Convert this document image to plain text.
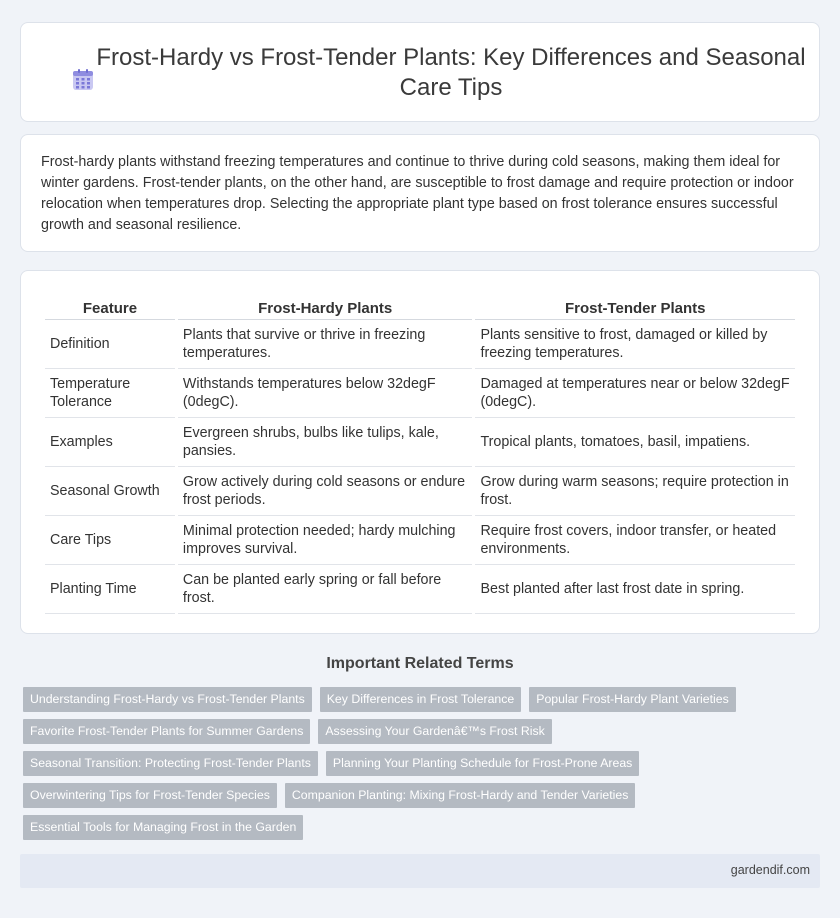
Frost-Hardy vs Frost-Tender Plants: Key Differences and Seasonal Care Tips

Frost-hardy plants withstand freezing temperatures and continue to thrive during cold seasons, making them ideal for winter gardens. Frost-tender plants, on the other hand, are susceptible to frost damage and require protection or indoor relocation when temperatures drop. Selecting the appropriate plant type based on frost tolerance ensures successful growth and seasonal resilience.

Feature	Frost-Hardy Plants	Frost-Tender Plants
Definition	Plants that survive or thrive in freezing temperatures.	Plants sensitive to frost, damaged or killed by freezing temperatures.
Temperature Tolerance	Withstands temperatures below 32degF (0degC).	Damaged at temperatures near or below 32degF (0degC).
Examples	Evergreen shrubs, bulbs like tulips, kale, pansies.	Tropical plants, tomatoes, basil, impatiens.
Seasonal Growth	Grow actively during cold seasons or endure frost periods.	Grow during warm seasons; require protection in frost.
Care Tips	Minimal protection needed; hardy mulching improves survival.	Require frost covers, indoor transfer, or heated environments.
Planting Time	Can be planted early spring or fall before frost.	Best planted after last frost date in spring.
Important Related Terms
Understanding Frost-Hardy vs Frost-Tender Plants	Key Differences in Frost Tolerance	Popular Frost-Hardy Plant Varieties
Favorite Frost-Tender Plants for Summer Gardens	Assessing Your Gardenâ€™s Frost Risk
Seasonal Transition: Protecting Frost-Tender Plants	Planning Your Planting Schedule for Frost-Prone Areas
Overwintering Tips for Frost-Tender Species	Companion Planting: Mixing Frost-Hardy and Tender Varieties
Essential Tools for Managing Frost in the Garden
gardendif.com
